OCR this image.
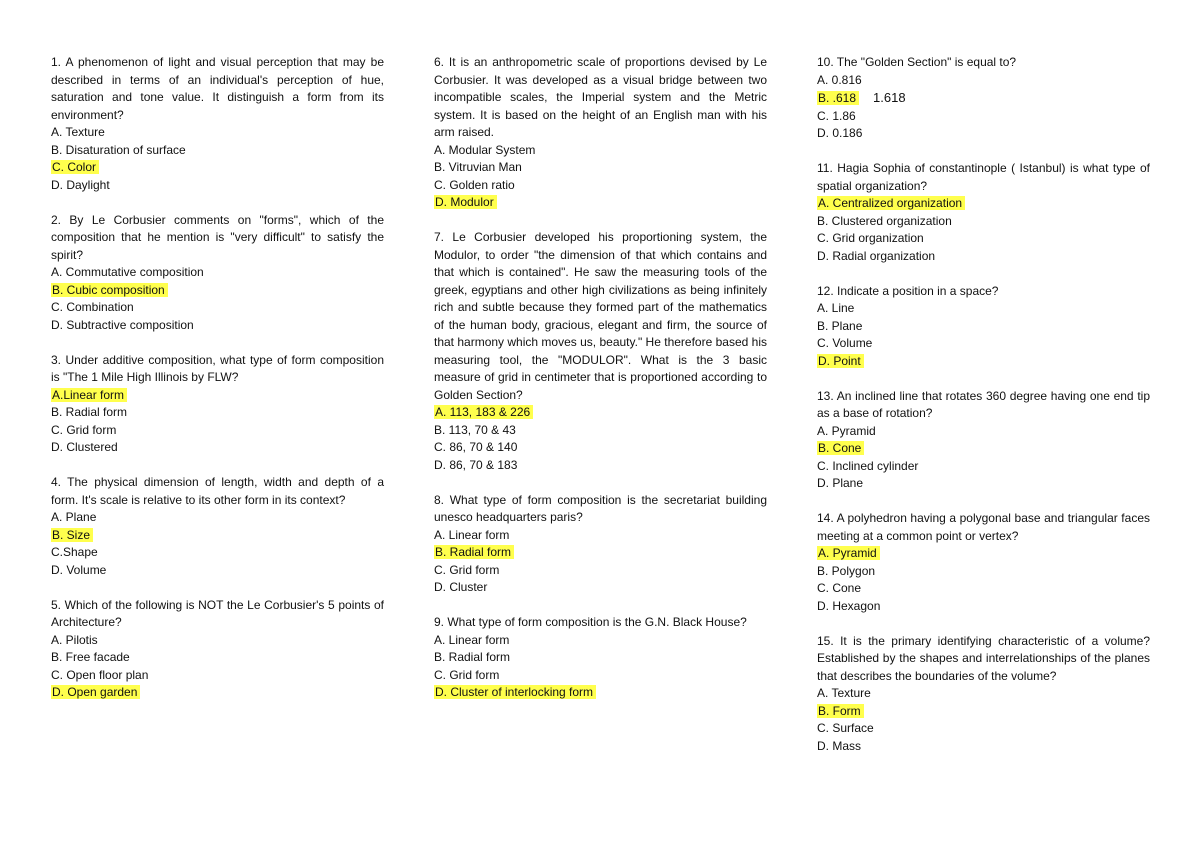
1. A phenomenon of light and visual perception that may be described in terms of an individual's perception of hue, saturation and tone value. It distinguish a form from its environment?

A. Texture

B. Disaturation of surface

C. Color

D. Daylight

2. By Le Corbusier comments on "forms", which of the composition that he mention is "very difficult" to satisfy the spirit?

A. Commutative composition

B. Cubic composition

C. Combination

D. Subtractive composition

3. Under additive composition, what type of form composition is "The 1 Mile High Illinois by FLW?

A.Linear form

B. Radial form

C. Grid form

D. Clustered

4. The physical dimension of length, width and depth of a form. It's scale is relative to its other form in its context?

A. Plane

B. Size

C.Shape

D. Volume

5. Which of the following is NOT the Le Corbusier's 5 points of Architecture?

A. Pilotis

B. Free facade

C. Open floor plan

D. Open garden

6. It is an anthropometric scale of proportions devised by Le Corbusier. It was developed as a visual bridge between two incompatible scales, the Imperial system and the Metric system. It is based on the height of an English man with his arm raised.

A. Modular System

B. Vitruvian Man

C. Golden ratio

D. Modulor

7. Le Corbusier developed his proportioning system, the Modulor, to order "the dimension of that which contains and that which is contained". He saw the measuring tools of the greek, egyptians and other high civilizations as being infinitely rich and subtle because they formed part of the mathematics of the human body, gracious, elegant and firm, the source of that harmony which moves us, beauty." He therefore based his measuring tool, the "MODULOR". What is the 3 basic measure of grid in centimeter that is proportioned according to Golden Section?

A. 113, 183 & 226

B. 113, 70 & 43

C. 86, 70 & 140

D. 86, 70 & 183

8. What type of form composition is the secretariat building unesco headquarters paris?

A. Linear form

B. Radial form

C. Grid form

D. Cluster

9. What type of form composition is the G.N. Black House?

A. Linear form

B. Radial form

C. Grid form

D. Cluster of interlocking form

10. The "Golden Section" is equal to?

A. 0.816

B. .618 1.618

C. 1.86

D. 0.186

11. Hagia Sophia of constantinople ( Istanbul) is what type of spatial organization?

A. Centralized organization

B. Clustered organization

C. Grid organization

D. Radial organization

12. Indicate a position in a space?

A. Line

B. Plane

C. Volume

D. Point

13. An inclined line that rotates 360 degree having one end tip as a base of rotation?

A. Pyramid

B. Cone

C. Inclined cylinder

D. Plane

14. A polyhedron having a polygonal base and triangular faces meeting at a common point or vertex?

A. Pyramid

B. Polygon

C. Cone

D. Hexagon

15. It is the primary identifying characteristic of a volume? Established by the shapes and interrelationships of the planes that describes the boundaries of the volume?

A. Texture

B. Form

C. Surface

D. Mass
